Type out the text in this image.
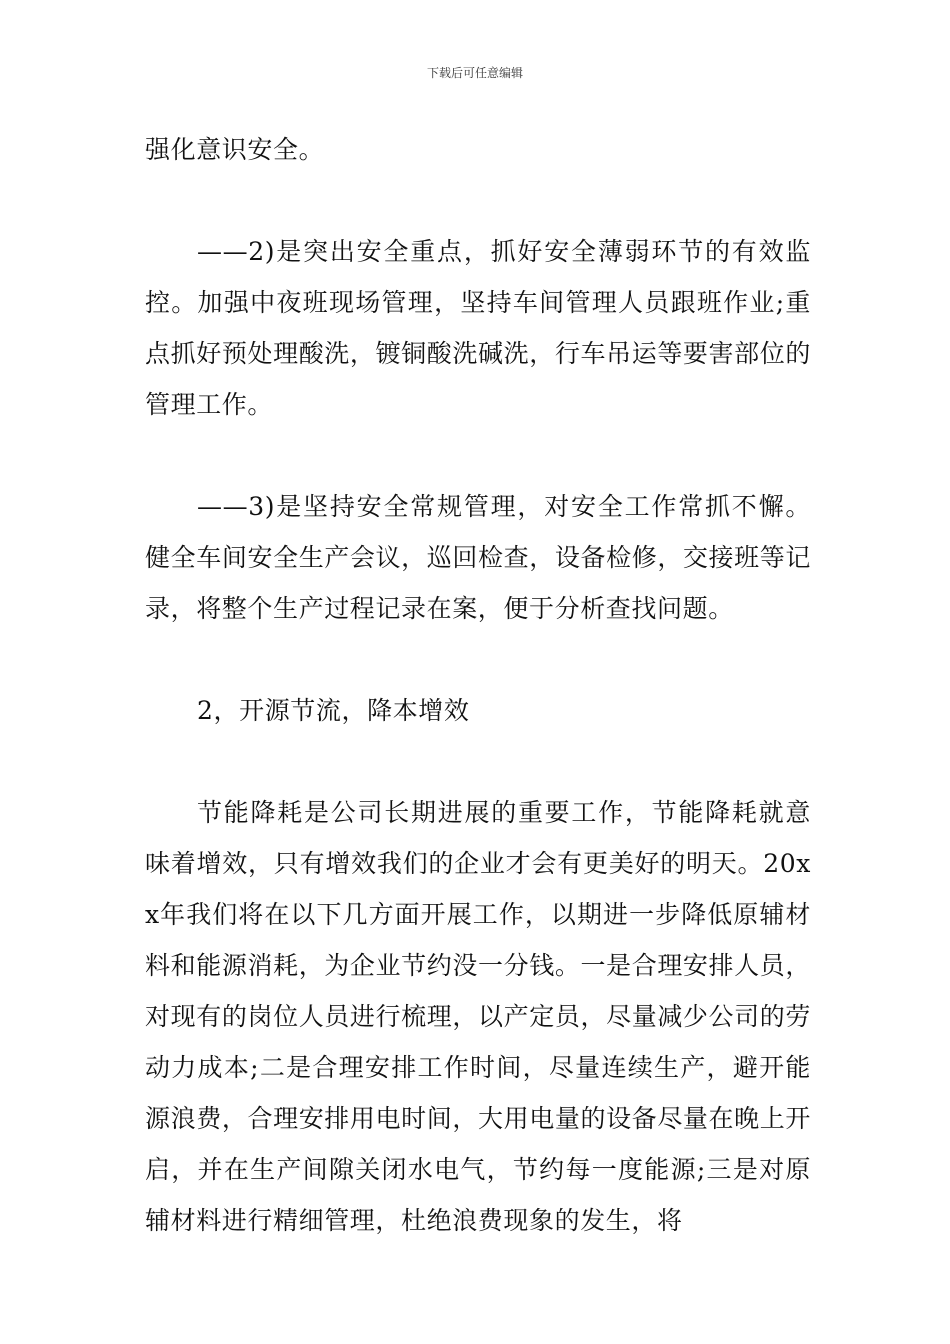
下载后可任意编辑

强化意识安全。

——2)是突出安全重点，抓好安全薄弱环节的有效监控。加强中夜班现场管理，坚持车间管理人员跟班作业;重点抓好预处理酸洗，镀铜酸洗碱洗，行车吊运等要害部位的管理工作。

——3)是坚持安全常规管理，对安全工作常抓不懈。健全车间安全生产会议，巡回检查，设备检修，交接班等记录，将整个生产过程记录在案，便于分析查找问题。

2，开源节流，降本增效

节能降耗是公司长期进展的重要工作，节能降耗就意味着增效，只有增效我们的企业才会有更美好的明天。20xx年我们将在以下几方面开展工作，以期进一步降低原辅材料和能源消耗，为企业节约没一分钱。一是合理安排人员，对现有的岗位人员进行梳理，以产定员，尽量减少公司的劳动力成本;二是合理安排工作时间，尽量连续生产，避开能源浪费，合理安排用电时间，大用电量的设备尽量在晚上开启，并在生产间隙关闭水电气，节约每一度能源;三是对原辅材料进行精细管理，杜绝浪费现象的发生，将
